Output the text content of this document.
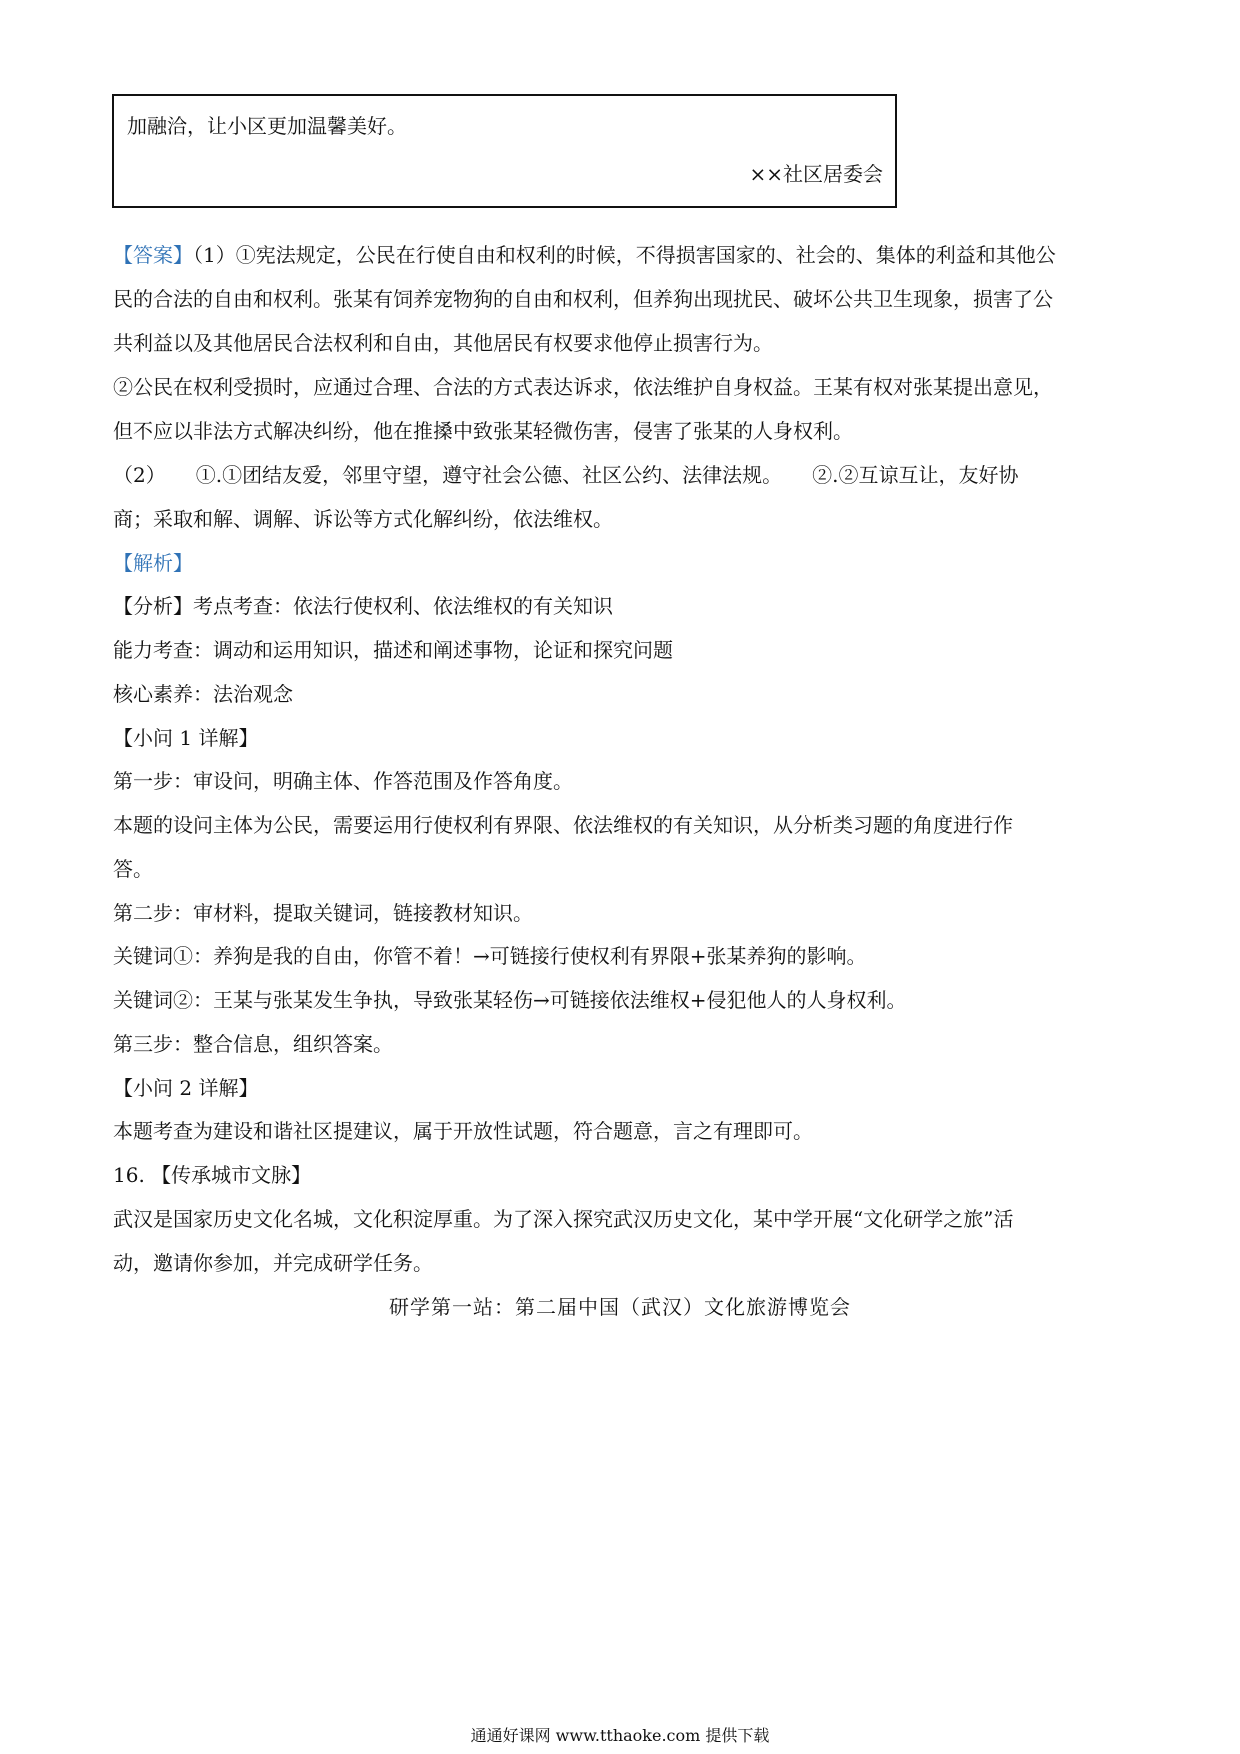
加融洽，让小区更加温馨美好。
××社区居委会
【答案】（1）①宪法规定，公民在行使自由和权利的时候，不得损害国家的、社会的、集体的利益和其他公
民的合法的自由和权利。张某有饲养宠物狗的自由和权利，但养狗出现扰民、破坏公共卫生现象，损害了公
共利益以及其他居民合法权利和自由，其他居民有权要求他停止损害行为。
②公民在权利受损时，应通过合理、合法的方式表达诉求，依法维护自身权益。王某有权对张某提出意见，
但不应以非法方式解决纠纷，他在推搡中致张某轻微伤害，侵害了张某的人身权利。
（2）　　①.①团结友爱，邻里守望，遵守社会公德、社区公约、法律法规。　　②.②互谅互让，友好协
商；采取和解、调解、诉讼等方式化解纠纷，依法维权。
【解析】
【分析】考点考查：依法行使权利、依法维权的有关知识
能力考查：调动和运用知识，描述和阐述事物，论证和探究问题
核心素养：法治观念
【小问 1 详解】
第一步：审设问，明确主体、作答范围及作答角度。
本题的设问主体为公民，需要运用行使权利有界限、依法维权的有关知识，从分析类习题的角度进行作
答。
第二步：审材料，提取关键词，链接教材知识。
关键词①：养狗是我的自由，你管不着！→可链接行使权利有界限+张某养狗的影响。
关键词②：王某与张某发生争执，导致张某轻伤→可链接依法维权+侵犯他人的人身权利。
第三步：整合信息，组织答案。
【小问 2 详解】
本题考查为建设和谐社区提建议，属于开放性试题，符合题意，言之有理即可。
16. 【传承城市文脉】
武汉是国家历史文化名城，文化积淀厚重。为了深入探究武汉历史文化，某中学开展“文化研学之旅”活
动，邀请你参加，并完成研学任务。
研学第一站：第二届中国（武汉）文化旅游博览会
通通好课网 www.tthaoke.com 提供下载
